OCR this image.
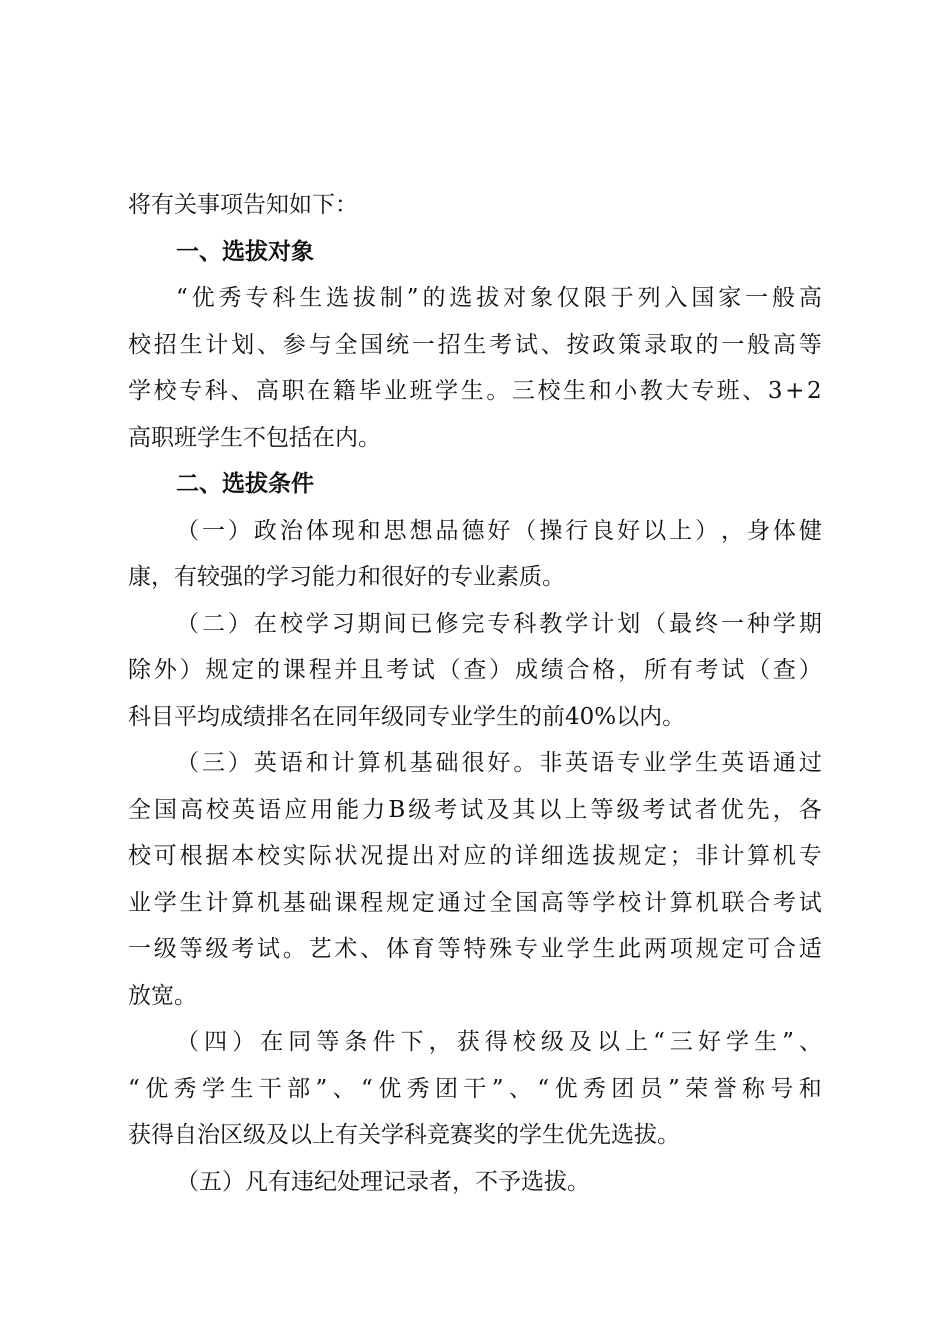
将有关事项告知如下：
一、选拔对象
“ 优 秀 专 科 生 选 拔 制 ” 的 选 拔 对 象 仅 限 于 列 入 国 家 一 般 高
校 招 生 计 划 、 参 与 全 国 统 一 招 生 考 试 、 按 政 策 录 取 的 一 般 高 等
学 校 专 科 、 高 职 在 籍 毕 业 班 学 生 。 三 校 生 和 小 教 大 专 班 、 3 + 2
高职班学生不包括在内。
二、选拔条件
（ 一 ） 政 治 体 现 和 思 想 品 德 好 （ 操 行 良 好 以 上 ） ， 身 体 健
康，有较强的学习能力和很好的专业素质。
（ 二 ） 在 校 学 习 期 间 已 修 完 专 科 教 学 计 划 （ 最 终 一 种 学 期
除 外 ） 规 定 的 课 程 并 且 考 试 （ 查 ） 成 绩 合 格 ， 所 有 考 试 （ 查 ）
科目平均成绩排名在同年级同专业学生的前40%以内。
（ 三 ） 英 语 和 计 算 机 基 础 很 好 。 非 英 语 专 业 学 生 英 语 通 过
全 国 高 校 英 语 应 用 能 力 B 级 考 试 及 其 以 上 等 级 考 试 者 优 先 ， 各
校 可 根 据 本 校 实 际 状 况 提 出 对 应 的 详 细 选 拔 规 定 ； 非 计 算 机 专
业 学 生 计 算 机 基 础 课 程 规 定 通 过 全 国 高 等 学 校 计 算 机 联 合 考 试
一 级 等 级 考 试 。 艺 术 、 体 育 等 特 殊 专 业 学 生 此 两 项 规 定 可 合 适
放宽。
（ 四 ） 在 同 等 条 件 下 ， 获 得 校 级 及 以 上 “ 三 好 学 生 ” 、
“ 优 秀 学 生 干 部 ” 、 “ 优 秀 团 干 ” 、 “ 优 秀 团 员 ” 荣 誉 称 号 和
获得自治区级及以上有关学科竞赛奖的学生优先选拔。
（五）凡有违纪处理记录者，不予选拔。
